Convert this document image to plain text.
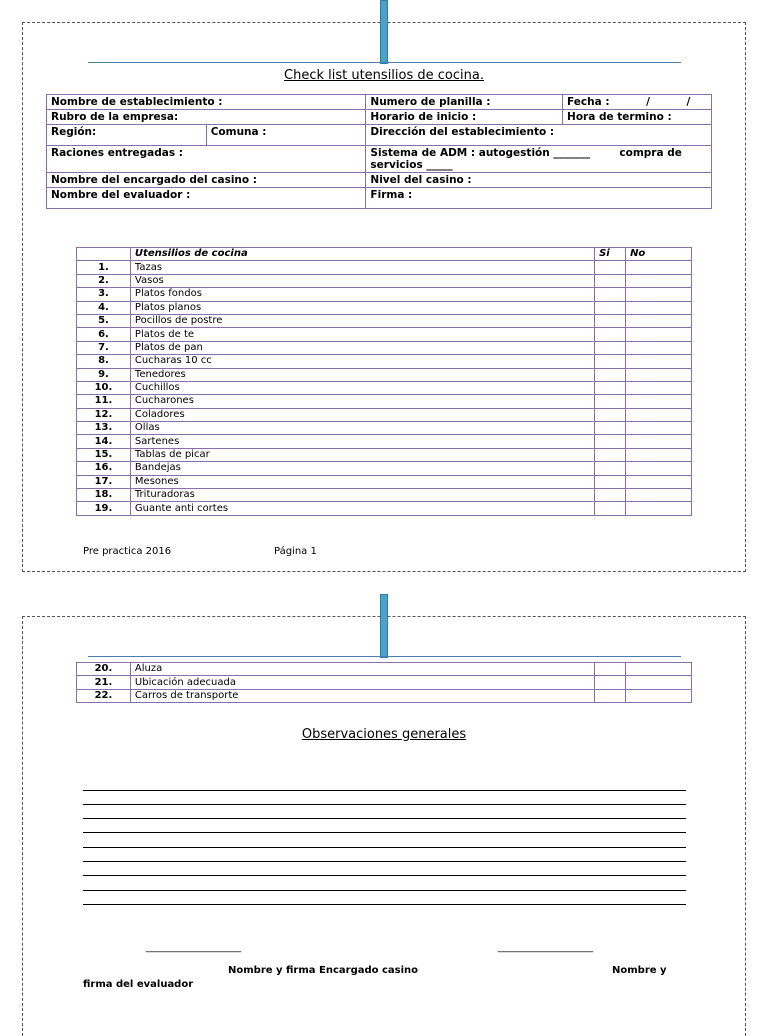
Check list utensilios de cocina.
Nombre de establecimiento :		Numero de planilla :	Fecha :          /          /
Rubro de la empresa:		Horario de inicio :	Hora de termino :
Región:	Comuna :	Dirección del establecimiento :	
Raciones entregadas :		Sistema de ADM : autogestión _______        compra de servicios _____	
Nombre del encargado del casino :		Nivel del casino :	
Nombre del evaluador :		Firma :	
	Utensilios de cocina	Si	No
1.	Tazas		
2.	Vasos		
3.	Platos fondos		
4.	Platos planos		
5.	Pocillos de postre		
6.	Platos de te		
7.	Platos de pan		
8.	Cucharas 10 cc		
9.	Tenedores		
10.	Cuchillos		
11.	Cucharones		
12.	Coladores		
13.	Ollas		
14.	Sartenes		
15.	Tablas de picar		
16.	Bandejas		
17.	Mesones		
18.	Trituradoras		
19.	Guante anti cortes		
Pre practica 2016	Página 1
20.	Aluza		
21.	Ubicación adecuada		
22.	Carros de transporte		
Observaciones generales
___________________	___________________
Nombre y firma Encargado casino	Nombre y
firma del evaluador
